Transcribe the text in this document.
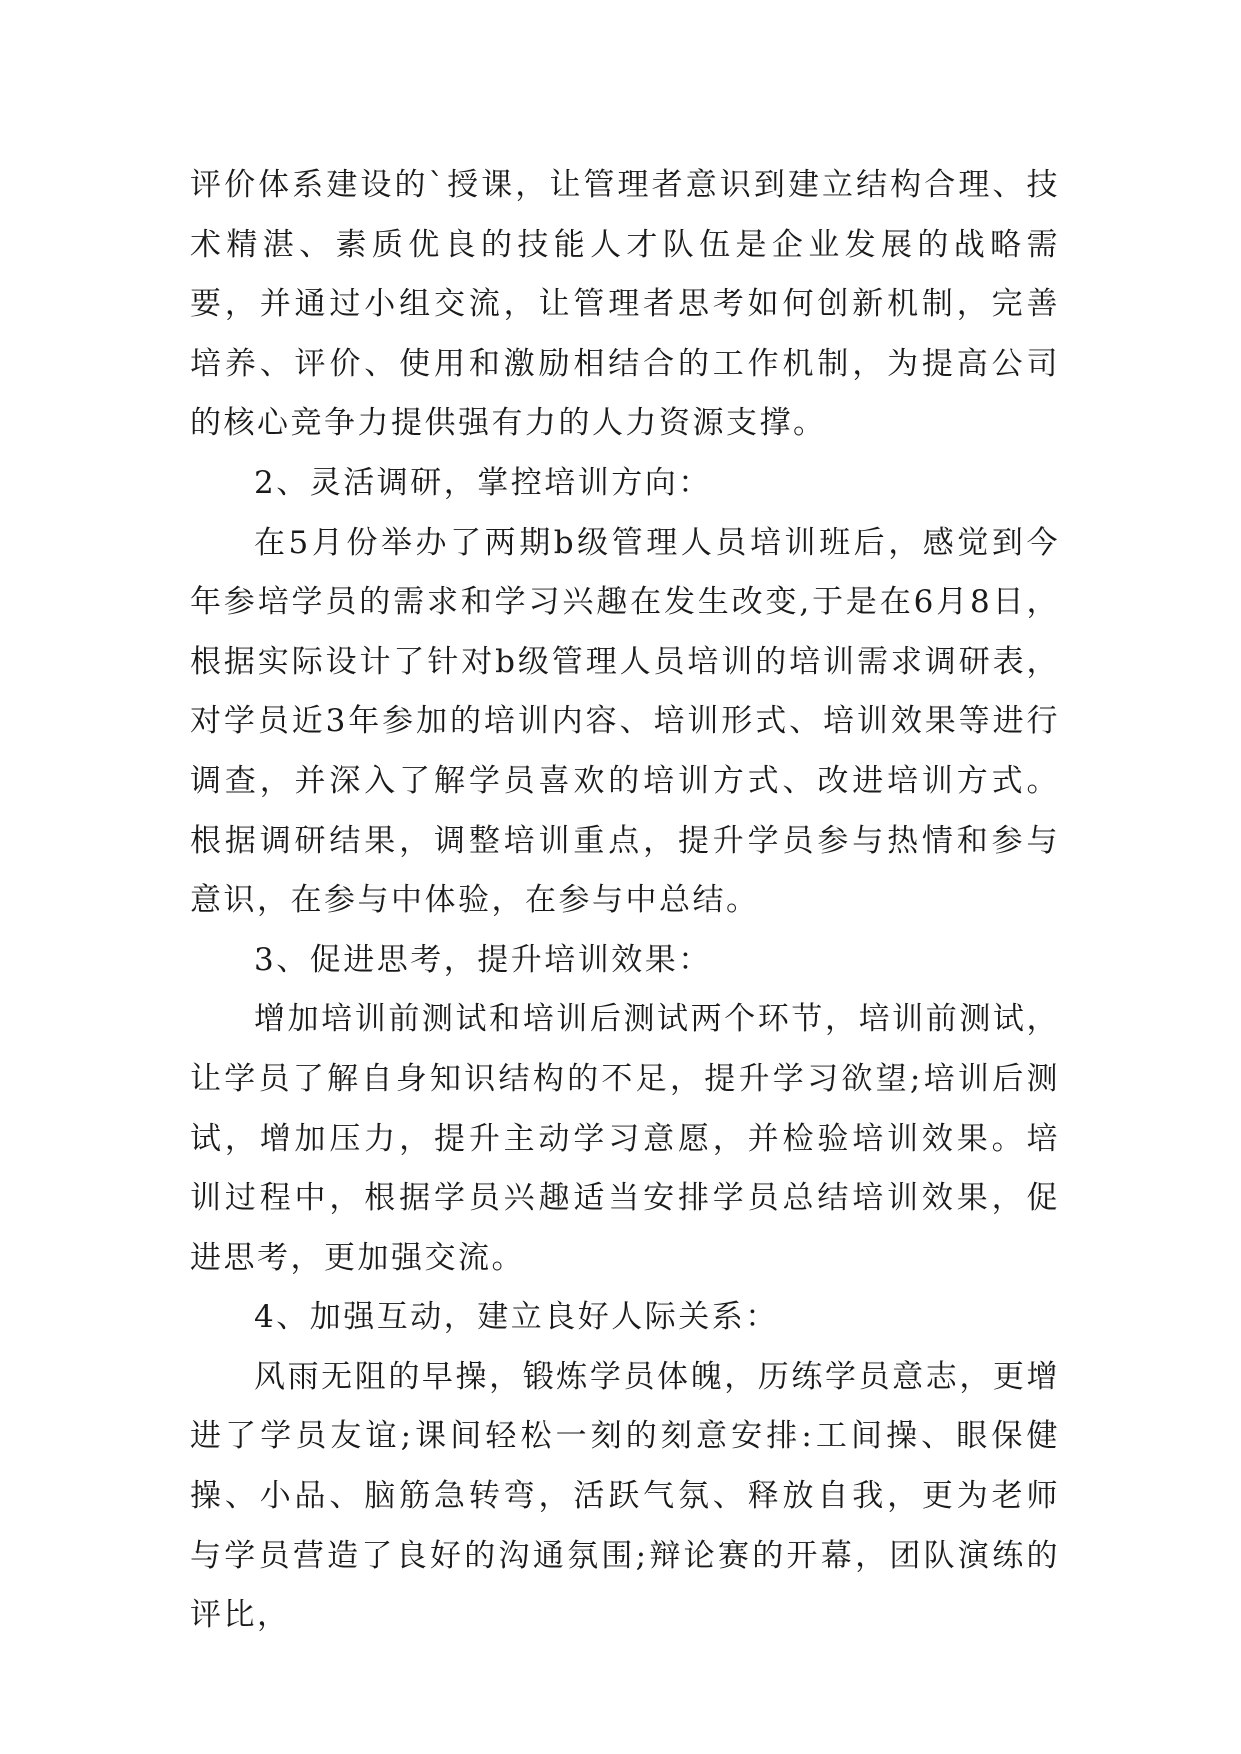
评价体系建设的`授课，让管理者意识到建立结构合理、技术精湛、素质优良的技能人才队伍是企业发展的战略需要，并通过小组交流，让管理者思考如何创新机制，完善培养、评价、使用和激励相结合的工作机制，为提高公司的核心竞争力提供强有力的人力资源支撑。

2、灵活调研，掌控培训方向：

在5月份举办了两期b级管理人员培训班后，感觉到今年参培学员的需求和学习兴趣在发生改变,于是在6月8日，根据实际设计了针对b级管理人员培训的培训需求调研表，对学员近3年参加的培训内容、培训形式、培训效果等进行调查，并深入了解学员喜欢的培训方式、改进培训方式。根据调研结果，调整培训重点，提升学员参与热情和参与意识，在参与中体验，在参与中总结。

3、促进思考，提升培训效果：

增加培训前测试和培训后测试两个环节，培训前测试，让学员了解自身知识结构的不足，提升学习欲望;培训后测试，增加压力，提升主动学习意愿，并检验培训效果。培训过程中，根据学员兴趣适当安排学员总结培训效果，促进思考，更加强交流。

4、加强互动，建立良好人际关系：

风雨无阻的早操，锻炼学员体魄，历练学员意志，更增进了学员友谊;课间轻松一刻的刻意安排:工间操、眼保健操、小品、脑筋急转弯，活跃气氛、释放自我，更为老师与学员营造了良好的沟通氛围;辩论赛的开幕，团队演练的评比，
